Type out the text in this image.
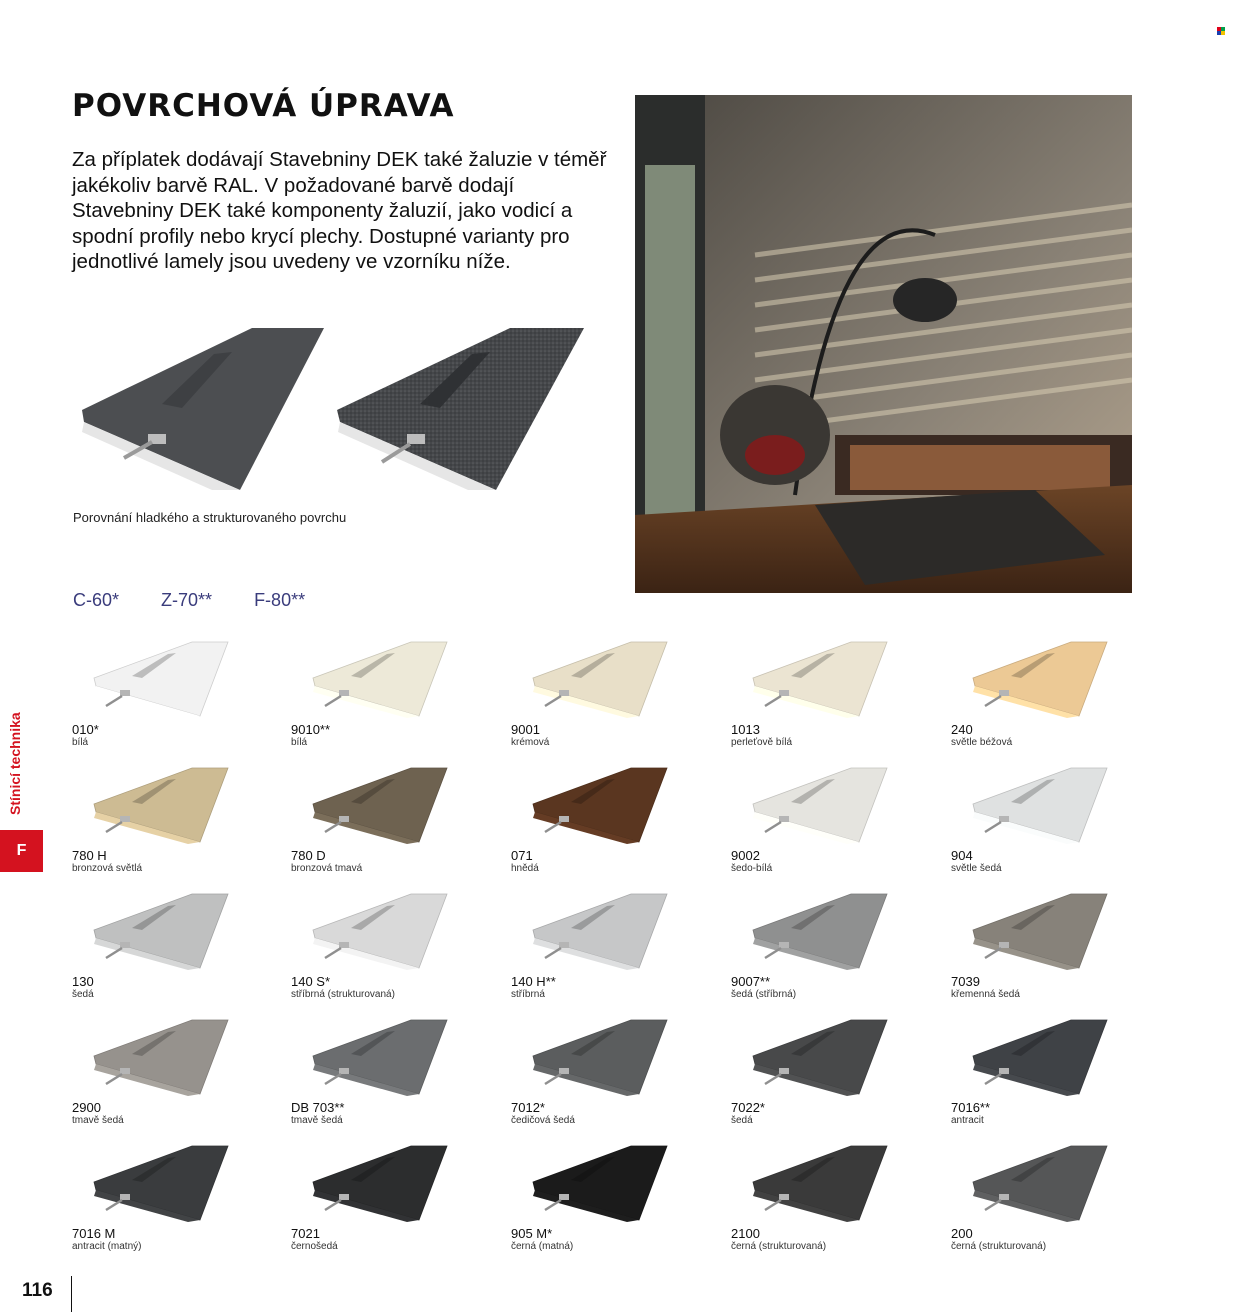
POVRCHOVÁ ÚPRAVA

Za příplatek dodávají Stavebniny DEK také žaluzie v téměř jakékoliv barvě RAL. V požadované barvě dodají Stavebniny DEK také komponenty žaluzií, jako vodicí a spodní profily nebo krycí plechy. Dostupné varianty pro jednotlivé lamely jsou uvedeny ve vzorníku níže.

Porovnání hladkého a strukturovaného povrchu

C-60* Z-70** F-80**
Stínicí technika
F
010*
bílá
9010**
bílá
9001
krémová
1013
perleťově bílá
240
světle béžová
780 H
bronzová světlá
780 D
bronzová tmavá
071
hnědá
9002
šedo-bílá
904
světle šedá
130
šedá
140 S*
stříbrná (strukturovaná)
140 H**
stříbrná
9007**
šedá (stříbrná)
7039
křemenná šedá
2900
tmavě šedá
DB 703**
tmavě šedá
7012*
čedičová šedá
7022*
šedá
7016**
antracit
7016 M
antracit (matný)
7021
černošedá
905 M*
černá (matná)
2100
černá (strukturovaná)
200
černá (strukturovaná)
116
